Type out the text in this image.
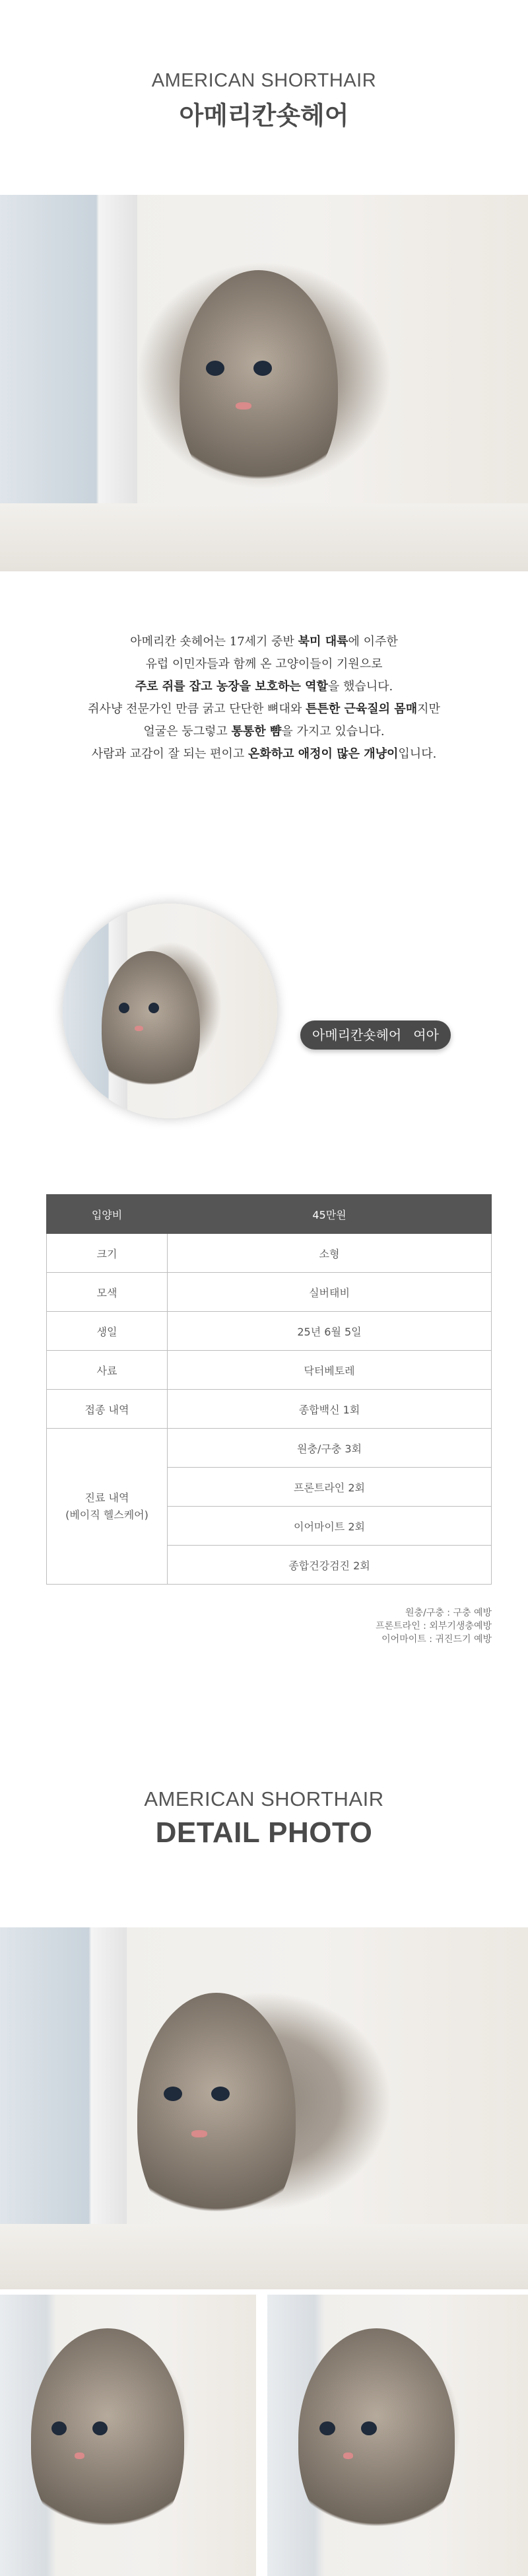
AMERICAN SHORTHAIR
아메리칸숏헤어

아메리칸 숏헤어는 17세기 중반 북미 대륙에 이주한

유럽 이민자들과 함께 온 고양이들이 기원으로

주로 쥐를 잡고 농장을 보호하는 역할을 했습니다.

쥐사냥 전문가인 만큼 굵고 단단한 뼈대와 튼튼한 근육질의 몸매지만

얼굴은 둥그렇고 통통한 뺨을 가지고 있습니다.

사람과 교감이 잘 되는 편이고 온화하고 애정이 많은 개냥이입니다.

아메리칸숏헤어 여아
입양비	45만원
크기	소형
모색	실버태비
생일	25년 6월 5일
사료	닥터베토레
접종 내역	종합백신 1회
진료 내역
(베이직 헬스케어)	원충/구충 3회
	프론트라인 2회
	이어마이트 2회
	종합건강검진 2회
원충/구충 : 구충 예방
프론트라인 : 외부기생충예방
이어마이트 : 귀진드기 예방
AMERICAN SHORTHAIR
DETAIL PHOTO
